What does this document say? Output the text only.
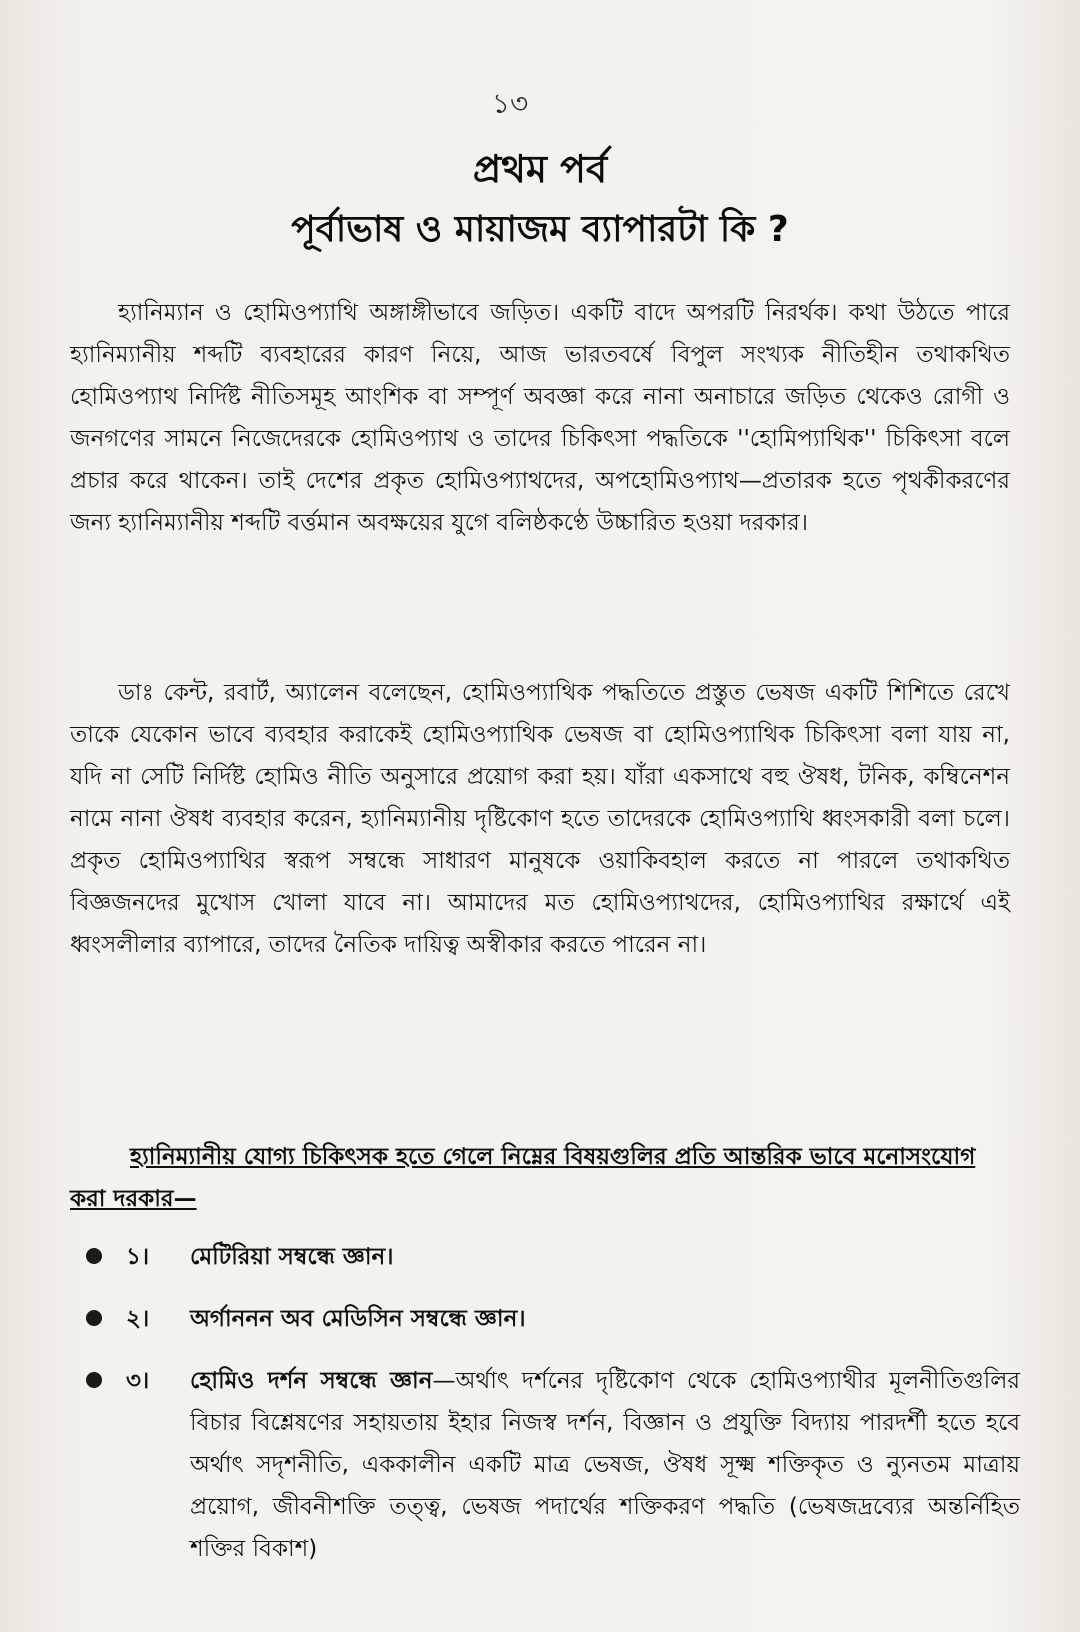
১৩
প্রথম পর্ব
পূর্বাভাষ ও মায়াজম ব্যাপারটা কি ?

হ্যানিম্যান ও হোমিওপ্যাথি অঙ্গাঙ্গীভাবে জড়িত। একটি বাদে অপরটি নিরর্থক। কথা উঠতে পারে হ্যানিম্যানীয় শব্দটি ব্যবহারের কারণ নিয়ে, আজ ভারতবর্ষে বিপুল সংখ্যক নীতিহীন তথাকথিত হোমিওপ্যাথ নির্দিষ্ট নীতিসমূহ আংশিক বা সম্পূর্ণ অবজ্ঞা করে নানা অনাচারে জড়িত থেকেও রোগী ও জনগণের সামনে নিজেদেরকে হোমিওপ্যাথ ও তাদের চিকিৎসা পদ্ধতিকে ''হোমিপ্যাথিক'' চিকিৎসা বলে প্রচার করে থাকেন। তাই দেশের প্রকৃত হোমিওপ্যাথদের, অপহোমিওপ্যাথ—প্রতারক হতে পৃথকীকরণের জন্য হ্যানিম্যানীয় শব্দটি বর্ত্তমান অবক্ষয়ের যুগে বলিষ্ঠকণ্ঠে উচ্চারিত হওয়া দরকার।

ডাঃ কেন্ট, রবার্ট, অ্যালেন বলেছেন, হোমিওপ্যাথিক পদ্ধতিতে প্রস্তুত ভেষজ একটি শিশিতে রেখে তাকে যেকোন ভাবে ব্যবহার করাকেই হোমিওপ্যাথিক ভেষজ বা হোমিওপ্যাথিক চিকিৎসা বলা যায় না, যদি না সেটি নির্দিষ্ট হোমিও নীতি অনুসারে প্রয়োগ করা হয়। যাঁরা একসাথে বহু ঔষধ, টনিক, কম্বিনেশন নামে নানা ঔষধ ব্যবহার করেন, হ্যানিম্যানীয় দৃষ্টিকোণ হতে তাদেরকে হোমিওপ্যাথি ধ্বংসকারী বলা চলে। প্রকৃত হোমিওপ্যাথির স্বরূপ সম্বন্ধে সাধারণ মানুষকে ওয়াকিবহাল করতে না পারলে তথাকথিত বিজ্ঞজনদের মুখোস খোলা যাবে না। আমাদের মত হোমিওপ্যাথদের, হোমিওপ্যাথির রক্ষার্থে এই ধ্বংসলীলার ব্যাপারে, তাদের নৈতিক দায়িত্ব অস্বীকার করতে পারেন না।

হ্যানিম্যানীয় যোগ্য চিকিৎসক হতে গেলে নিম্নের বিষয়গুলির প্রতি আন্তরিক ভাবে মনোসংযোগ করা দরকার—

১। মেটিরিয়া সম্বন্ধে জ্ঞান।
২। অর্গাননন অব মেডিসিন সম্বন্ধে জ্ঞান।
৩। হোমিও দর্শন সম্বন্ধে জ্ঞান—অর্থাৎ দর্শনের দৃষ্টিকোণ থেকে হোমিওপ্যাথীর মূলনীতিগুলির বিচার বিশ্লেষণের সহায়তায় ইহার নিজস্ব দর্শন, বিজ্ঞান ও প্রযুক্তি বিদ্যায় পারদর্শী হতে হবে অর্থাৎ সদৃশনীতি, এককালীন একটি মাত্র ভেষজ, ঔষধ সূক্ষ্ম শক্তিকৃত ও ন্যুনতম মাত্রায় প্রয়োগ, জীবনীশক্তি তত্ত্ব, ভেষজ পদার্থের শক্তিকরণ পদ্ধতি (ভেষজদ্রব্যের অন্তর্নিহিত শক্তির বিকাশ)
